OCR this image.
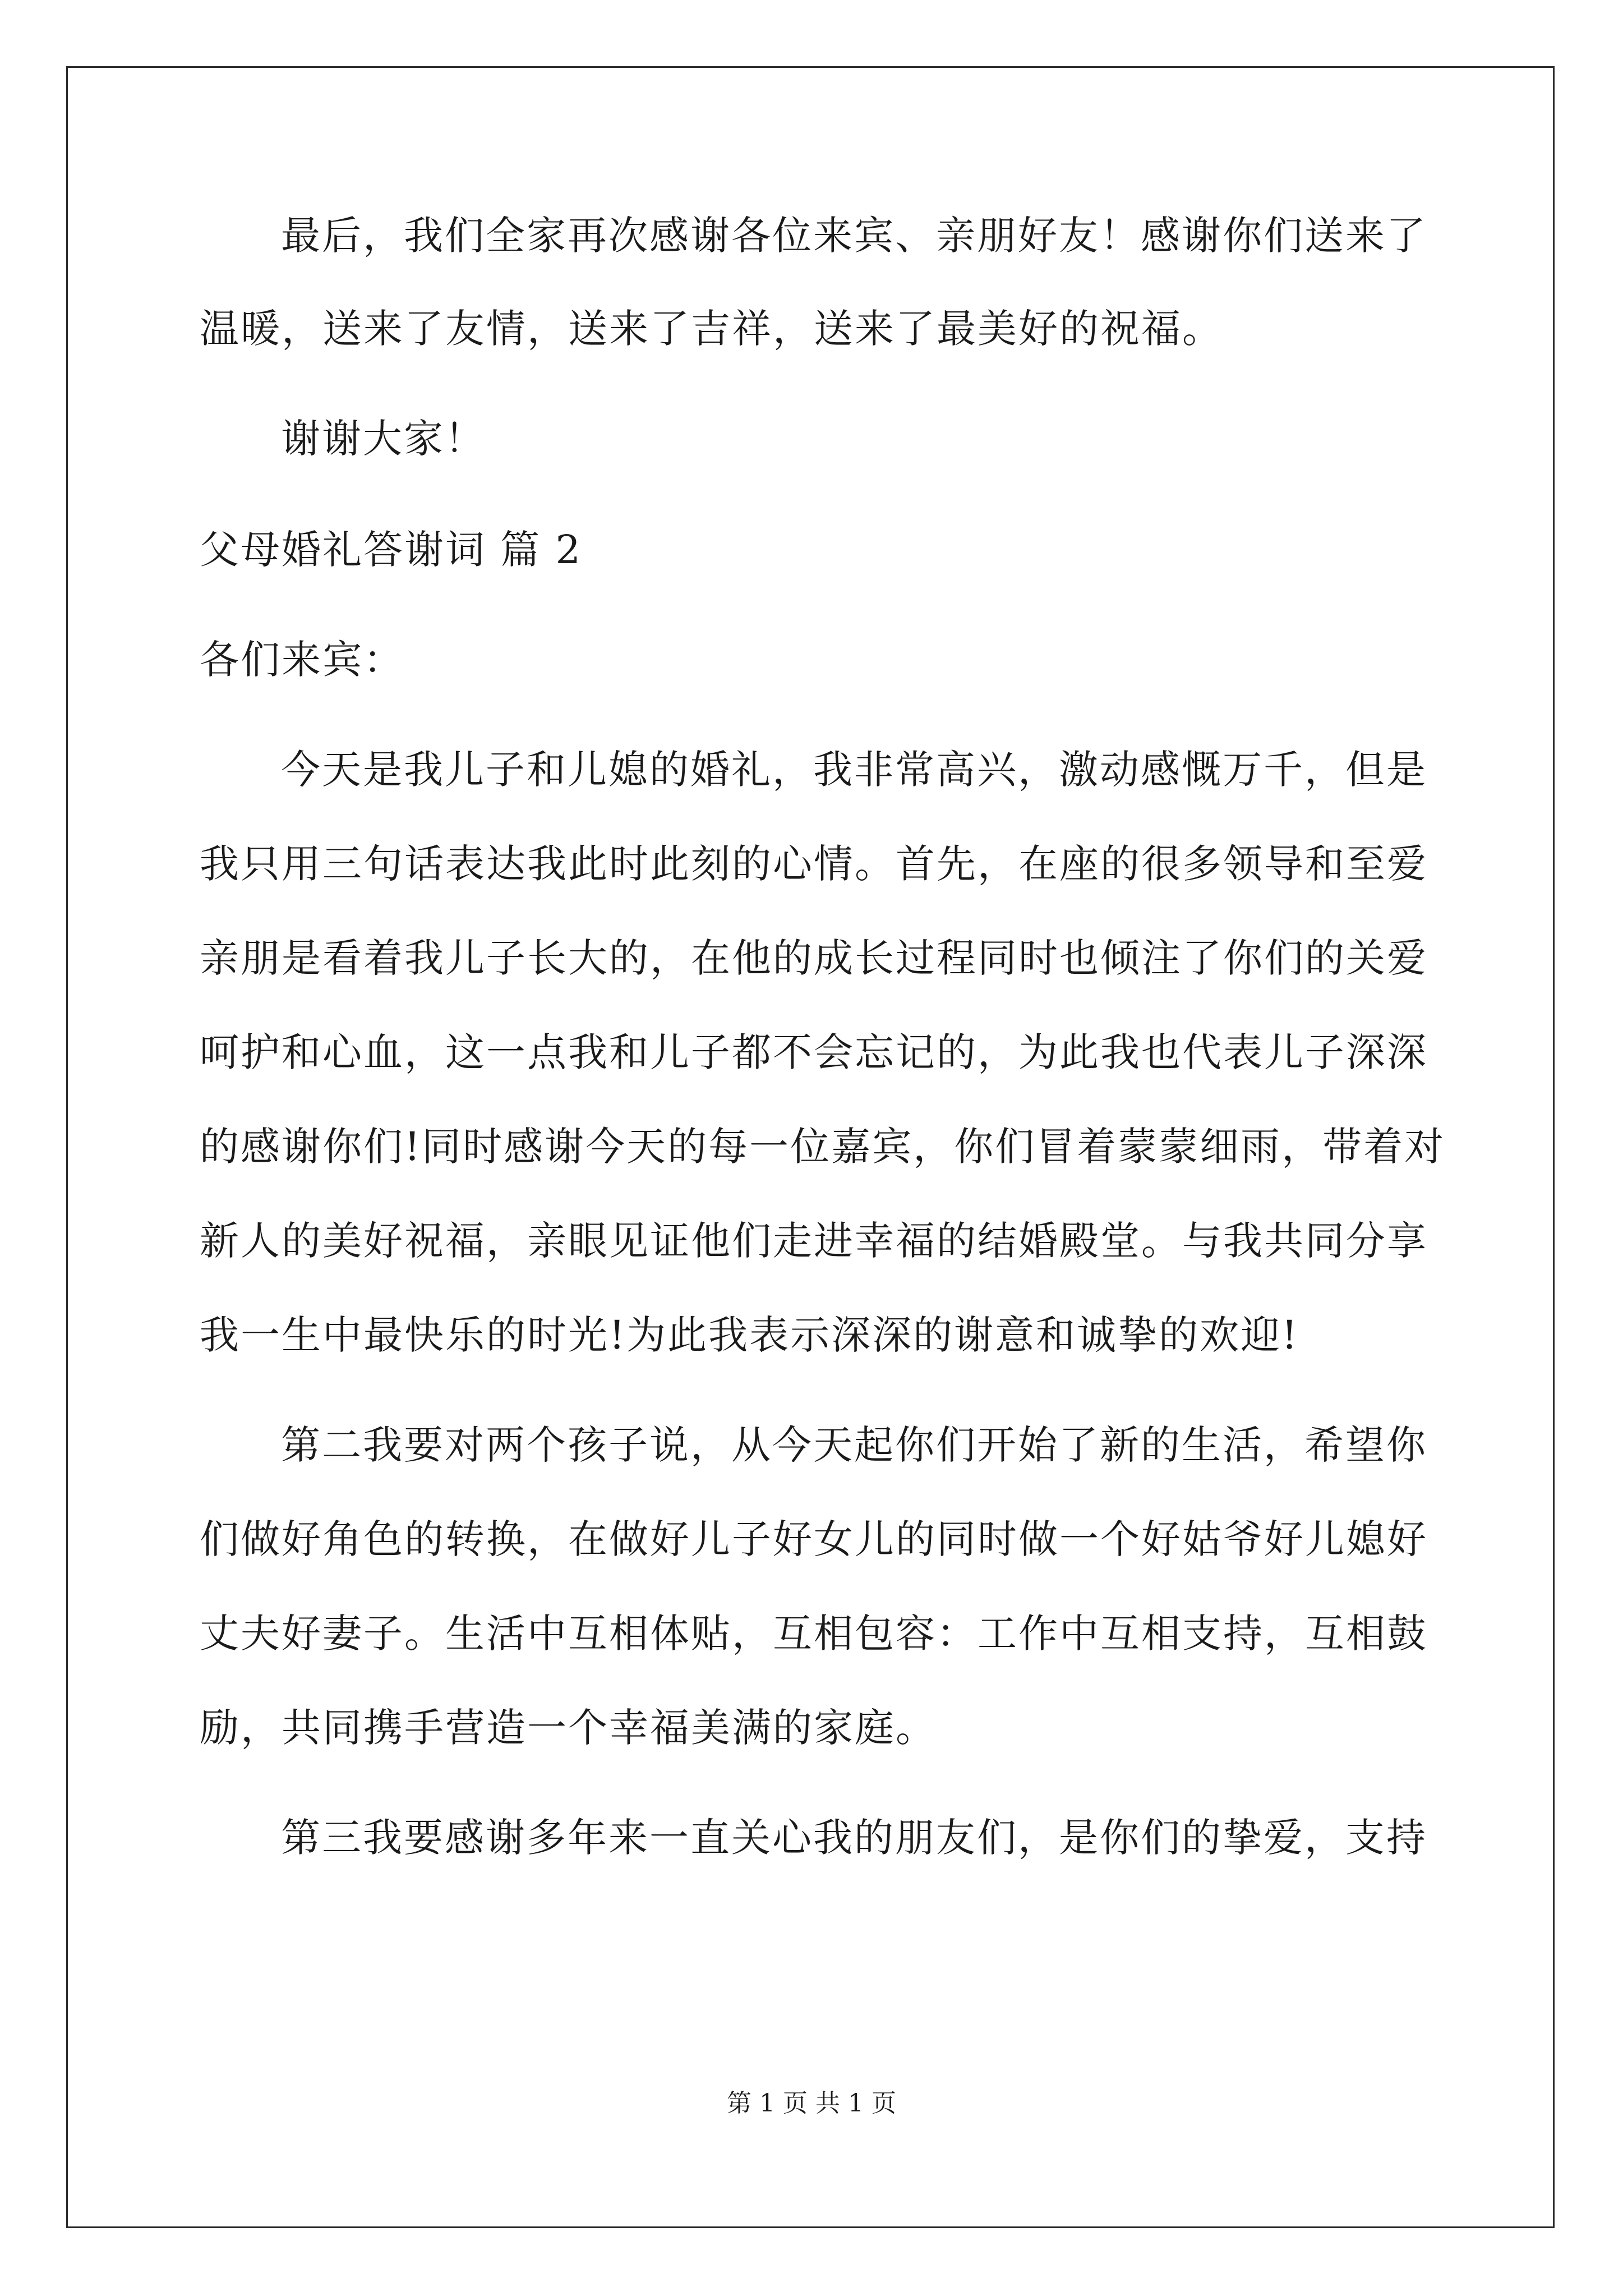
最后，我们全家再次感谢各位来宾、亲朋好友！感谢你们送来了
温暖，送来了友情，送来了吉祥，送来了最美好的祝福。
谢谢大家！
父母婚礼答谢词 篇 2
各们来宾：
今天是我儿子和儿媳的婚礼，我非常高兴，激动感慨万千，但是
我只用三句话表达我此时此刻的心情。首先，在座的很多领导和至爱
亲朋是看着我儿子长大的，在他的成长过程同时也倾注了你们的关爱
呵护和心血，这一点我和儿子都不会忘记的，为此我也代表儿子深深
的感谢你们!同时感谢今天的每一位嘉宾，你们冒着蒙蒙细雨，带着对
新人的美好祝福，亲眼见证他们走进幸福的结婚殿堂。与我共同分享
我一生中最快乐的时光!为此我表示深深的谢意和诚挚的欢迎!
第二我要对两个孩子说，从今天起你们开始了新的生活，希望你
们做好角色的转换，在做好儿子好女儿的同时做一个好姑爷好儿媳好
丈夫好妻子。生活中互相体贴，互相包容：工作中互相支持，互相鼓
励，共同携手营造一个幸福美满的家庭。
第三我要感谢多年来一直关心我的朋友们，是你们的挚爱，支持
第 1 页 共 1 页
